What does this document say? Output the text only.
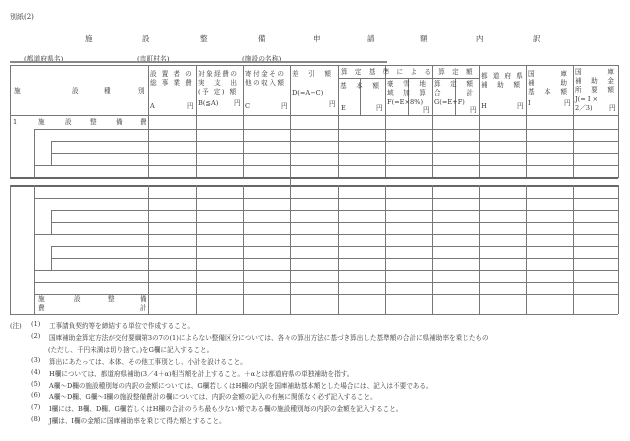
別紙(2)
(都道府県名)	(市町村名)	(施設の名称)
施	設	整	備	申	請	額	内	訳
施	設	種	別
設 置 者 の
総 事 業 費
A	円
対象経費の
実　支　出
(予 定) 額
B(≦A) 円
寄付金その
他の収入額
C	円
差　引　額
D(=A−C)
円
算 定 基 準 に よ る 算 定 額
基　本　額
E	円
豪　雪　地
域　加　算
F(=E×8%)
円
算　定　額
合　　　計
G(=E+F)
円
都 道 府 県
補　助　額
H	円
国　　　庫
補　　　助
基　本　額
I	円
国　　　庫
補　助　金
所　要　額
J(= I ×
2／3) 円
1	施	設	整	備 費
施	設	整	備
費	計
(注) (1) 工事請負契約等を締結する単位で作成すること。
(2) 国庫補助金算定方法が交付要綱第3の7の(1)によらない整備区分については、各々の算出方法に基づき算出した基準額の合計に県補助率を乗じたもの
(ただし、千円未満は切り捨て。)をG欄に記入すること。
(3) 算出にあたっては、本体、その他工事別とし、小計を設けること。
(4) H欄については、都道府県補助(3／4＋α)相当額を計上すること。＋αとは都道府県の単独補助を指す。
(5) A欄〜D欄の施設種別毎の内訳の金額については、G欄若しくはH欄の内訳を国庫補助基本額とした場合には、記入は不要である。
(6) A欄〜D欄、G欄〜I欄の施設整備費計の欄については、内訳の金額の記入の有無に関係なく必ず記入すること。
(7) I欄には、B欄、D欄、G欄若しくはH欄の合計のうち最も少ない額である欄の施設種別毎の内訳の金額を記入すること。
(8) J欄は、I欄の金額に国庫補助率を乗じて得た額とすること。
